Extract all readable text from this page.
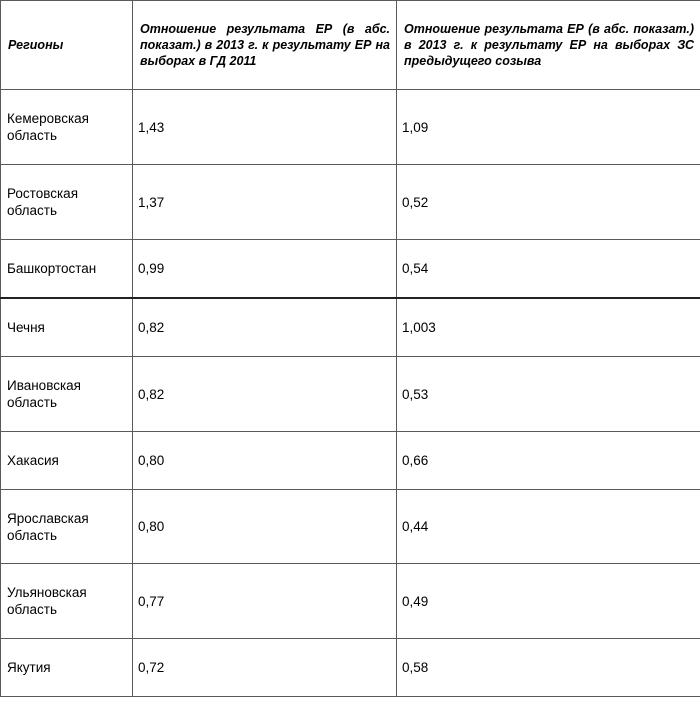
Регионы	Отношение результата ЕР (в абс. показат.) в 2013 г. к результату ЕР на выборах в ГД 2011	Отношение результата ЕР (в абс. показат.) в 2013 г. к результату ЕР на выборах ЗС предыдущего созыва
Кемеровская область	1,43	1,09
Ростовская область	1,37	0,52
Башкортостан	0,99	0,54
Чечня	0,82	1,003
Ивановская область	0,82	0,53
Хакасия	0,80	0,66
Ярославская область	0,80	0,44
Ульяновская область	0,77	0,49
Якутия	0,72	0,58
